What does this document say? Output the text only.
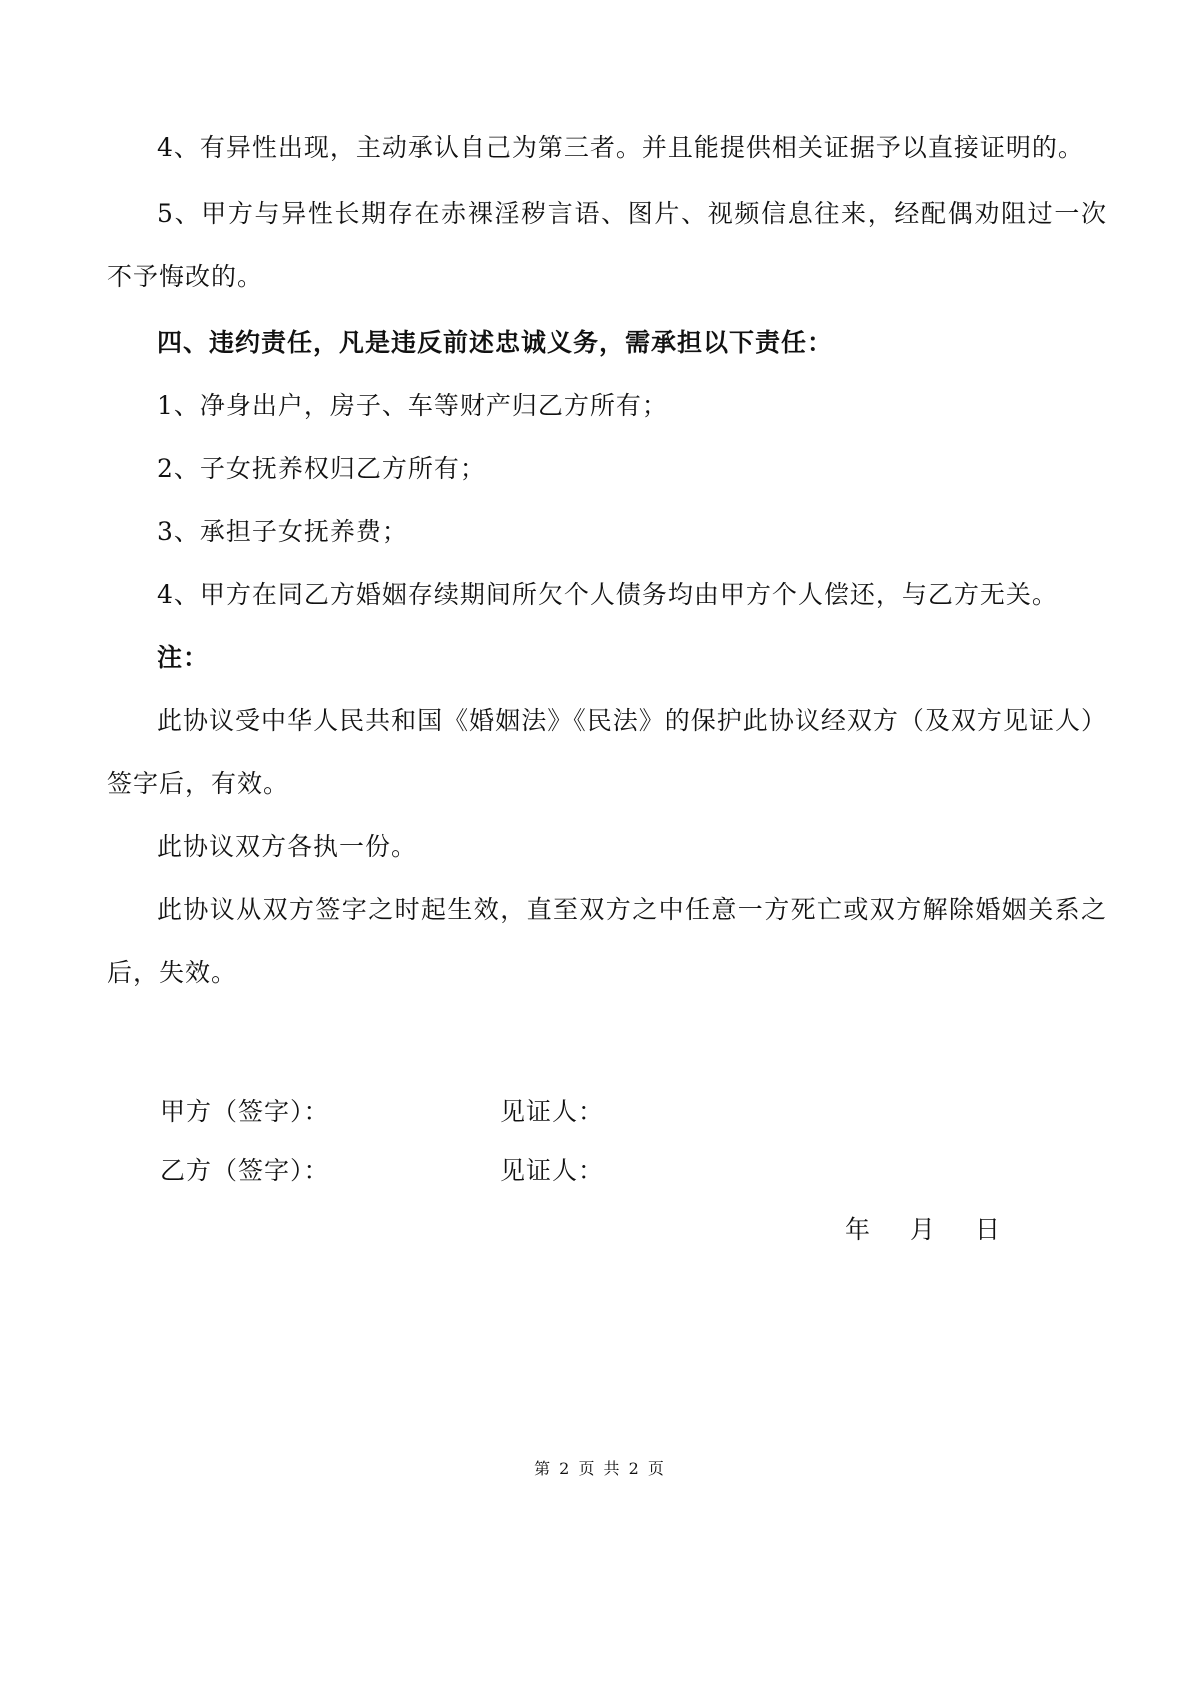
4、有异性出现，主动承认自己为第三者。并且能提供相关证据予以直接证明的。

5、甲方与异性长期存在赤裸淫秽言语、图片、视频信息往来，经配偶劝阻过一次不予悔改的。

四、违约责任，凡是违反前述忠诚义务，需承担以下责任：

1、净身出户，房子、车等财产归乙方所有；

2、子女抚养权归乙方所有；

3、承担子女抚养费；

4、甲方在同乙方婚姻存续期间所欠个人债务均由甲方个人偿还，与乙方无关。

注：

此协议受中华人民共和国《婚姻法》《民法》的保护此协议经双方（及双方见证人）签字后，有效。

此协议双方各执一份。

此协议从双方签字之时起生效，直至双方之中任意一方死亡或双方解除婚姻关系之后，失效。

甲方（签字）：	见证人：
乙方（签字）：	见证人：
年 月 日
第 2 页 共 2 页
